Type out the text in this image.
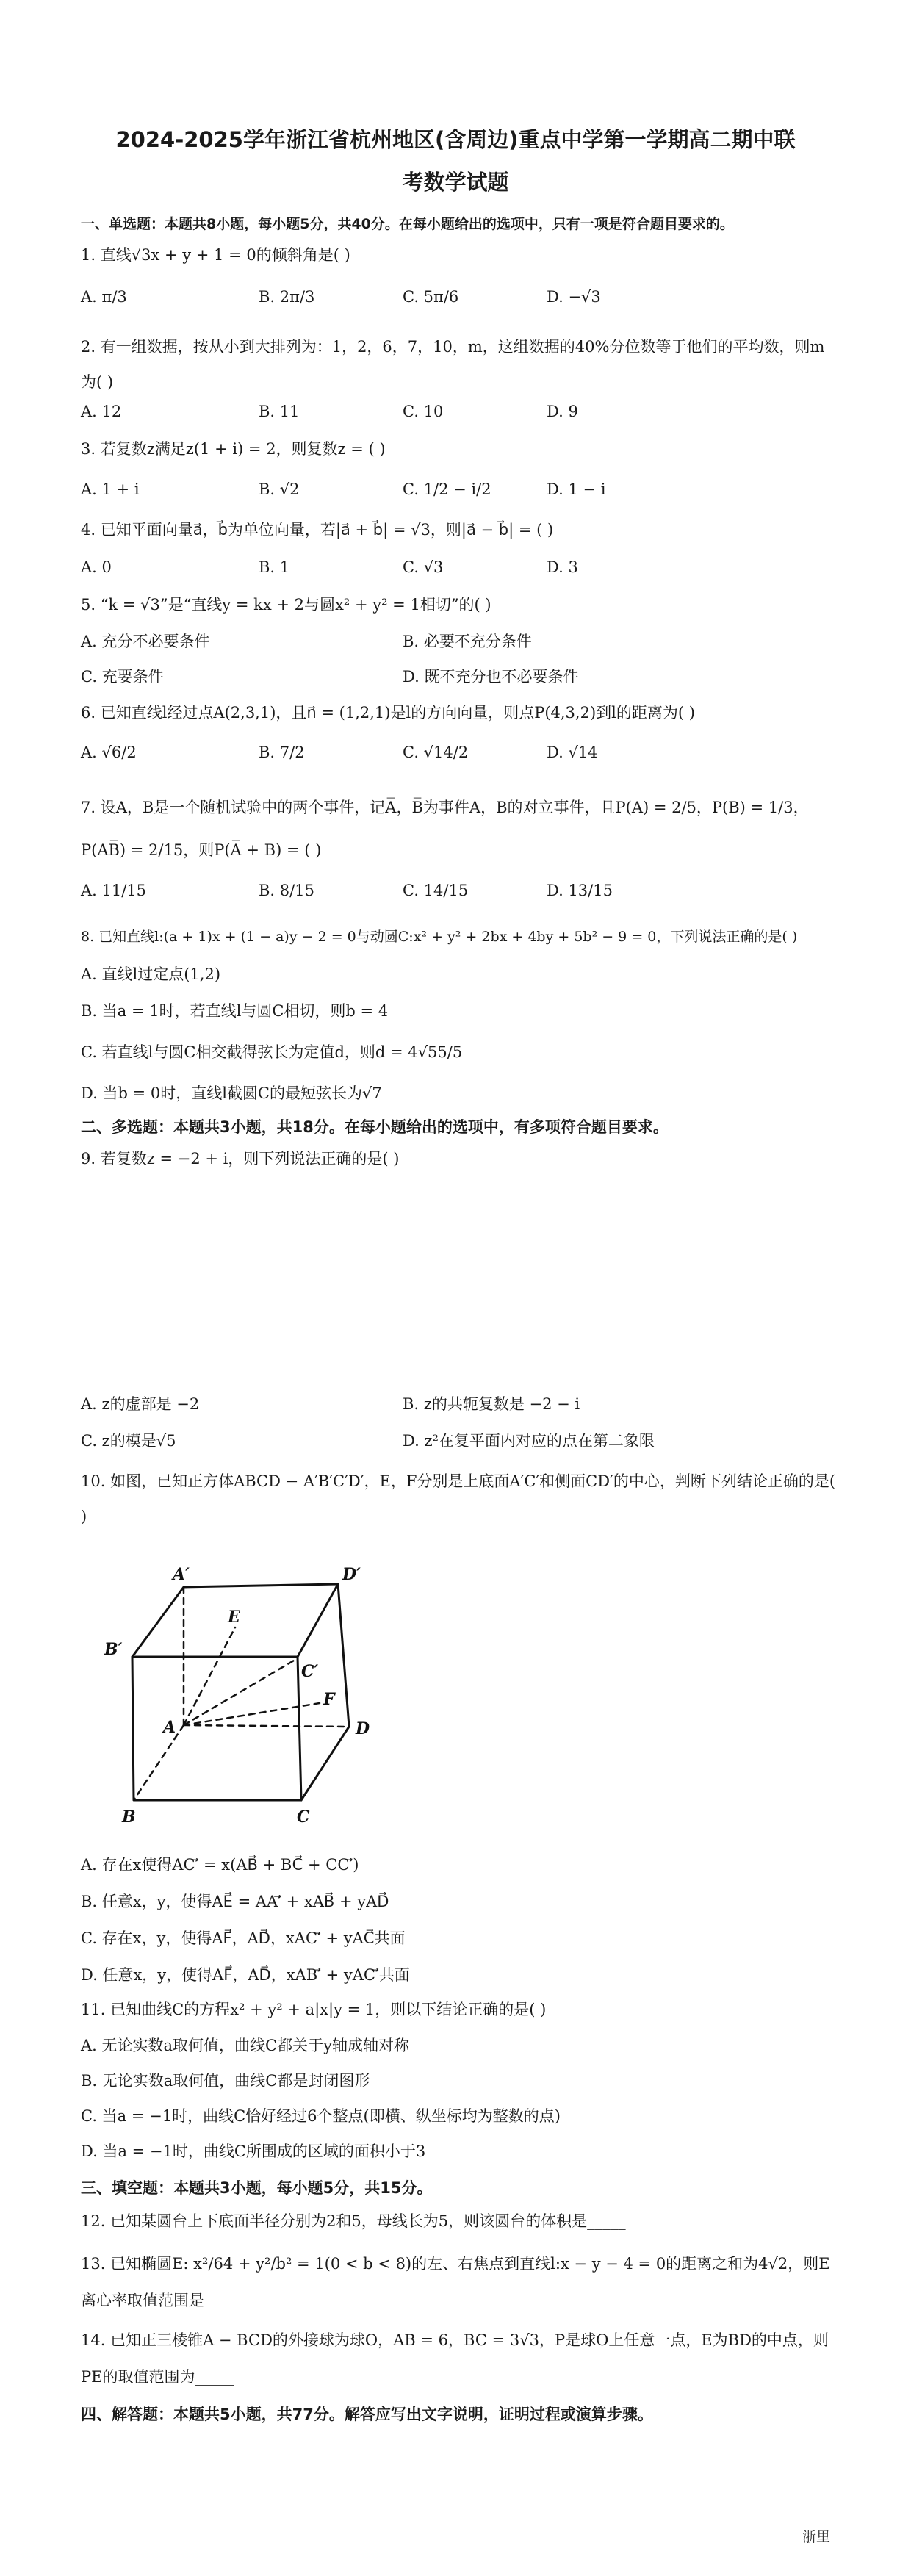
2024-2025学年浙江省杭州地区(含周边)重点中学第一学期高二期中联
考数学试题
一、单选题：本题共8小题，每小题5分，共40分。在每小题给出的选项中，只有一项是符合题目要求的。
1. 直线√3x + y + 1 = 0的倾斜角是( )
A. π/3	B. 2π/3	C. 5π/6	D. −√3
2. 有一组数据，按从小到大排列为：1，2，6，7，10，m，这组数据的40%分位数等于他们的平均数，则m为( )
A. 12	B. 11	C. 10	D. 9
3. 若复数z满足z(1 + i) = 2，则复数z = ( )
A. 1 + i	B. √2	C. 1/2 − i/2	D. 1 − i
4. 已知平面向量a⃗，b⃗为单位向量，若|a⃗ + b⃗| = √3，则|a⃗ − b⃗| = ( )
A. 0	B. 1	C. √3	D. 3
5. “k = √3”是“直线y = kx + 2与圆x² + y² = 1相切”的( )
A. 充分不必要条件	B. 必要不充分条件
C. 充要条件	D. 既不充分也不必要条件
6. 已知直线l经过点A(2,3,1)，且n⃗ = (1,2,1)是l的方向向量，则点P(4,3,2)到l的距离为( )
A. √6/2	B. 7/2	C. √14/2	D. √14
7. 设A，B是一个随机试验中的两个事件，记A̅，B̅为事件A，B的对立事件，且P(A) = 2/5，P(B) = 1/3，P(AB̅) = 2/15，则P(A̅ + B) = ( )
A. 11/15	B. 8/15	C. 14/15	D. 13/15
8. 已知直线l:(a + 1)x + (1 − a)y − 2 = 0与动圆C:x² + y² + 2bx + 4by + 5b² − 9 = 0，下列说法正确的是( )
A. 直线l过定点(1,2)
B. 当a = 1时，若直线l与圆C相切，则b = 4
C. 若直线l与圆C相交截得弦长为定值d，则d = 4√55/5
D. 当b = 0时，直线l截圆C的最短弦长为√7
二、多选题：本题共3小题，共18分。在每小题给出的选项中，有多项符合题目要求。
9. 若复数z = −2 + i，则下列说法正确的是( )
A. z的虚部是 −2	B. z的共轭复数是 −2 − i
C. z的模是√5	D. z²在复平面内对应的点在第二象限
10. 如图，已知正方体ABCD − A′B′C′D′，E，F分别是上底面A′C′和侧面CD′的中心，判断下列结论正确的是( )
A′	D′
B′
C′
E
F
A	D
B	C
A. 存在x使得AC′⃗ = x(AB⃗ + BC⃗ + CC′⃗)
B. 任意x，y，使得AE⃗ = AA′⃗ + xAB⃗ + yAD⃗
C. 存在x，y，使得AF⃗，AD⃗，xAC′⃗ + yAC⃗共面
D. 任意x，y，使得AF⃗，AD⃗，xAB′⃗ + yAC′⃗共面
11. 已知曲线C的方程x² + y² + a|x|y = 1，则以下结论正确的是( )
A. 无论实数a取何值，曲线C都关于y轴成轴对称
B. 无论实数a取何值，曲线C都是封闭图形
C. 当a = −1时，曲线C恰好经过6个整点(即横、纵坐标均为整数的点)
D. 当a = −1时，曲线C所围成的区域的面积小于3
三、填空题：本题共3小题，每小题5分，共15分。
12. 已知某圆台上下底面半径分别为2和5，母线长为5，则该圆台的体积是_____
13. 已知椭圆E: x²/64 + y²/b² = 1(0 < b < 8)的左、右焦点到直线l:x − y − 4 = 0的距离之和为4√2，则E离心率取值范围是_____
14. 已知正三棱锥A − BCD的外接球为球O，AB = 6，BC = 3√3，P是球O上任意一点，E为BD的中点，则PE的取值范围为_____
四、解答题：本题共5小题，共77分。解答应写出文字说明，证明过程或演算步骤。
浙里
